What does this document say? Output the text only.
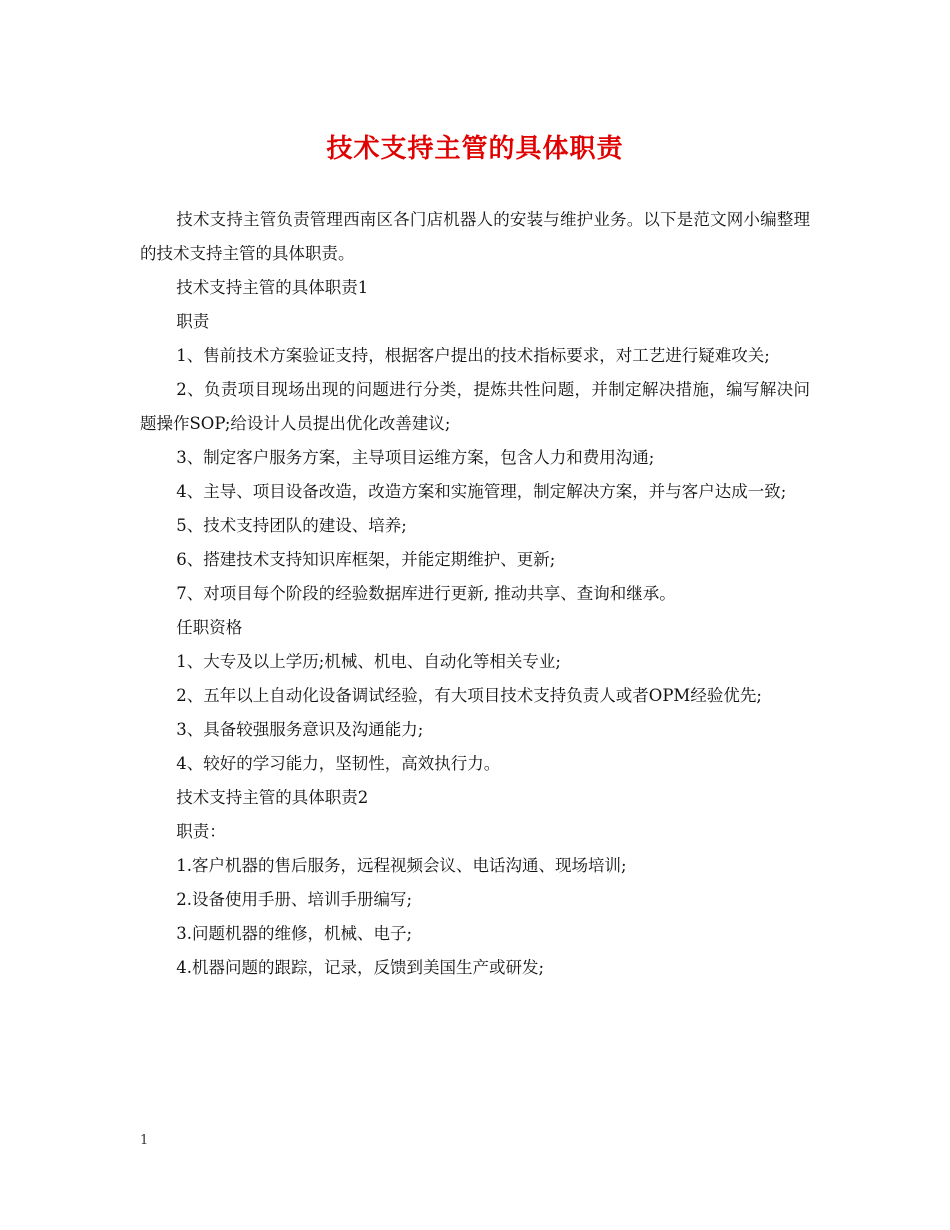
技术支持主管的具体职责

技术支持主管负责管理西南区各门店机器人的安装与维护业务。以下是范文网小编整理的技术支持主管的具体职责。

技术支持主管的具体职责1

职责

1、售前技术方案验证支持，根据客户提出的技术指标要求，对工艺进行疑难攻关;

2、负责项目现场出现的问题进行分类，提炼共性问题，并制定解决措施，编写解决问题操作SOP;给设计人员提出优化改善建议;

3、制定客户服务方案，主导项目运维方案，包含人力和费用沟通;

4、主导、项目设备改造，改造方案和实施管理，制定解决方案，并与客户达成一致;

5、技术支持团队的建设、培养;

6、搭建技术支持知识库框架，并能定期维护、更新;

7、对项目每个阶段的经验数据库进行更新, 推动共享、查询和继承。

任职资格

1、大专及以上学历;机械、机电、自动化等相关专业;

2、五年以上自动化设备调试经验，有大项目技术支持负责人或者OPM经验优先;

3、具备较强服务意识及沟通能力;

4、较好的学习能力，坚韧性，高效执行力。

技术支持主管的具体职责2

职责：

1.客户机器的售后服务，远程视频会议、电话沟通、现场培训;

2.设备使用手册、培训手册编写;

3.问题机器的维修，机械、电子;

4.机器问题的跟踪，记录，反馈到美国生产或研发;

1
